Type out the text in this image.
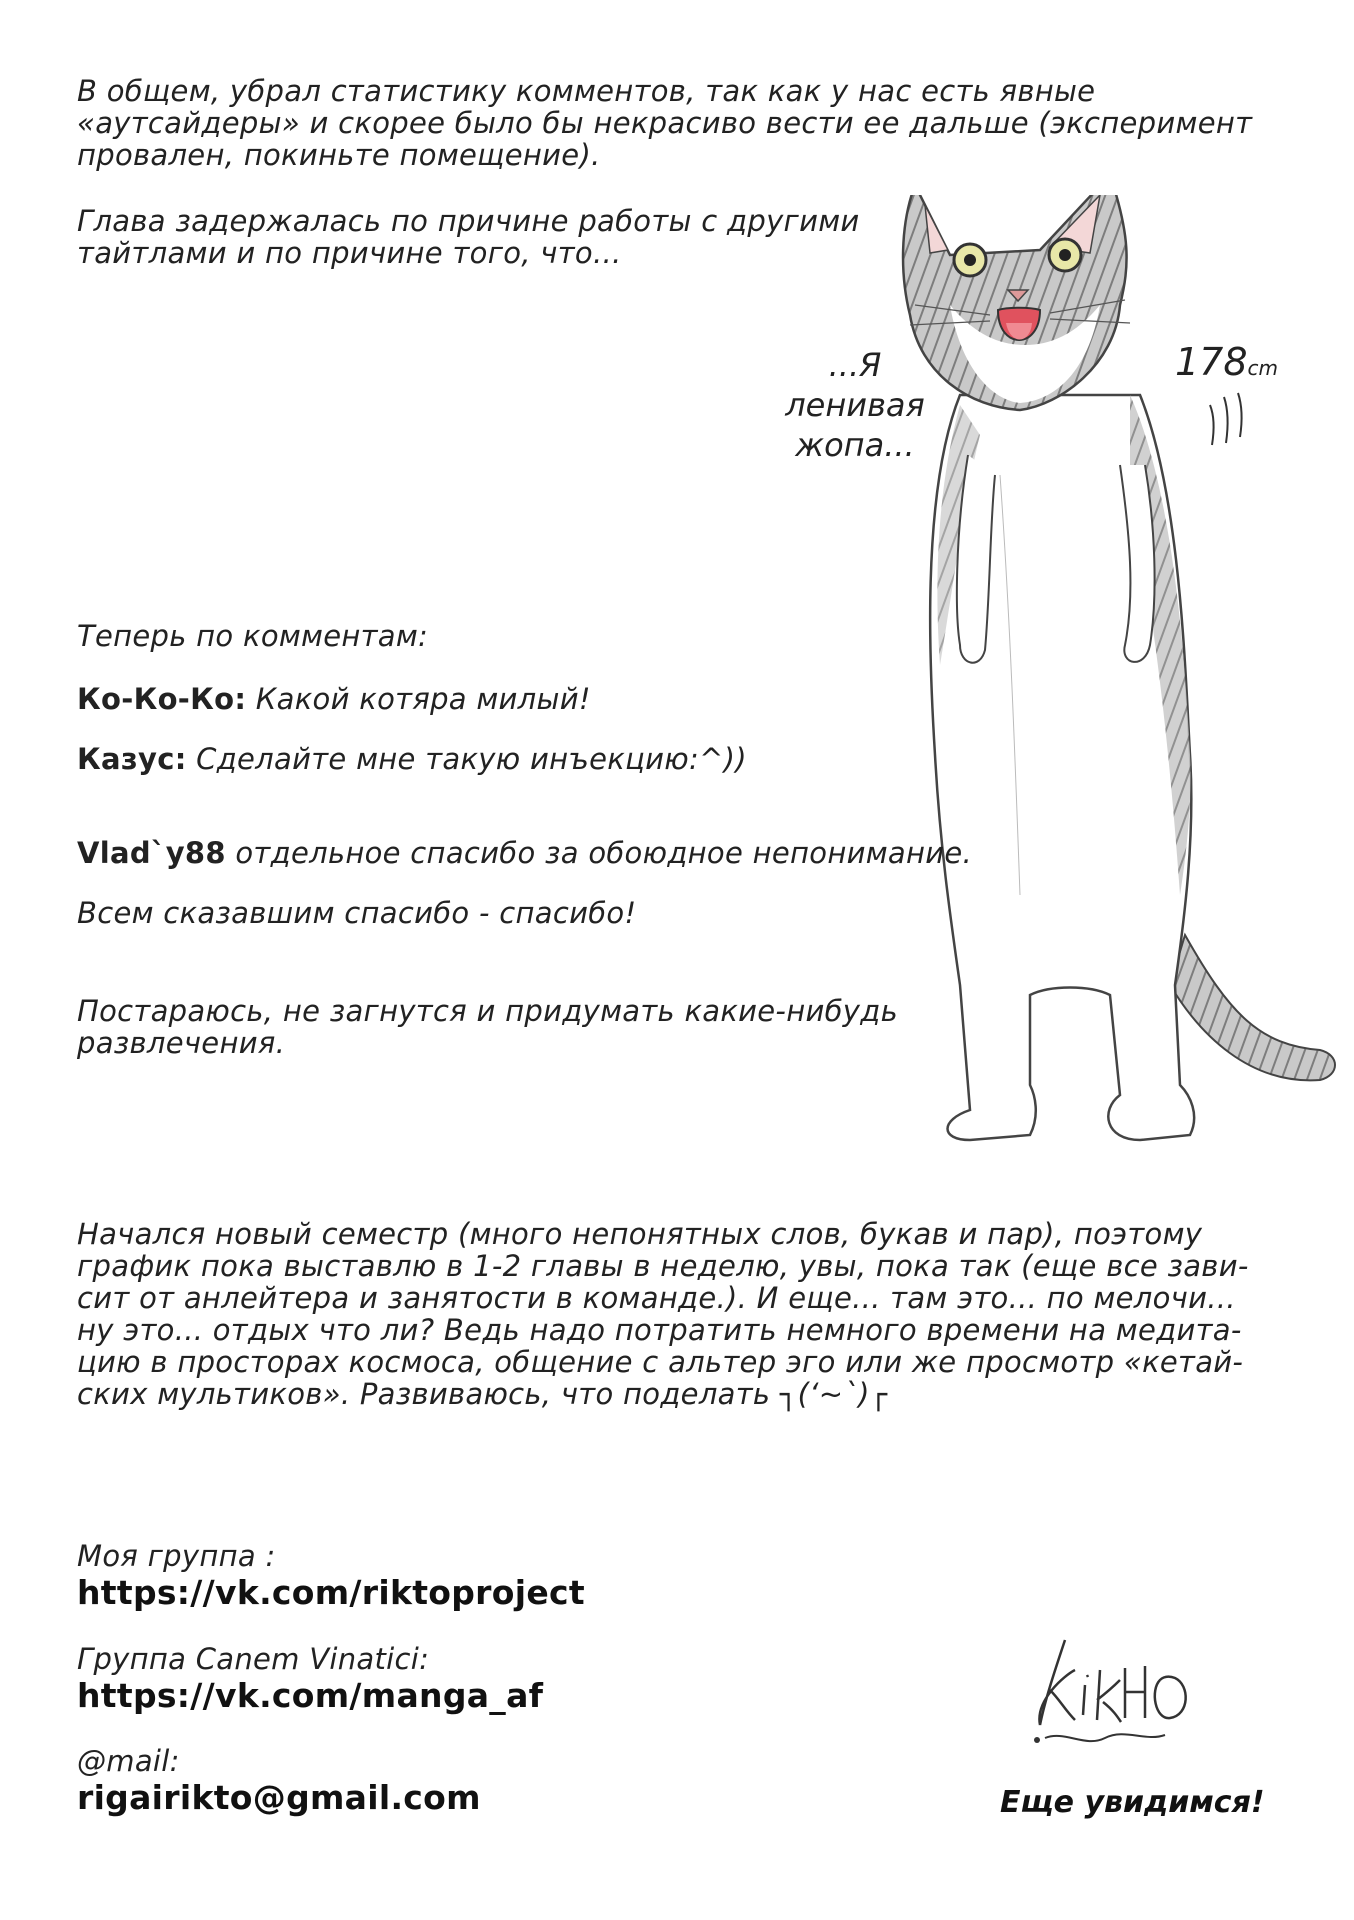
В общем, убрал статистику комментов, так как у нас есть явные
«аутсайдеры» и скорее было бы некрасиво вести ее дальше (эксперимент
провален, покиньте помещение).
Глава задержалась по причине работы с другими
тайтлами и по причине того, что...
...Я
ленивая
жопа...
178cm
Теперь по комментам:
Ко-Ко-Ко: Какой котяра милый!
Казус: Сделайте мне такую инъекцию:^))
Vlad`y88 отдельное спасибо за обоюдное непонимание.
Всем сказавшим спасибо - спасибо!
Постараюсь, не загнутся и придумать какие-нибудь
развлечения.
Начался новый семестр (много непонятных слов, букав и пар), поэтому
график пока выставлю в 1-2 главы в неделю, увы, пока так (еще все зави-
сит от анлейтера и занятости в команде.). И еще... там это... по мелочи...
ну это... отдых что ли? Ведь надо потратить немного времени на медита-
цию в просторах космоса, общение с альтер эго или же просмотр «кетай-
ских мультиков». Развиваюсь, что поделать ┐(‘~`)┌
Моя группа :
https://vk.com/riktoproject
Группа Canem Vinatici:
https://vk.com/manga_af
@mail:
rigairikto@gmail.com	Еще увидимся!
